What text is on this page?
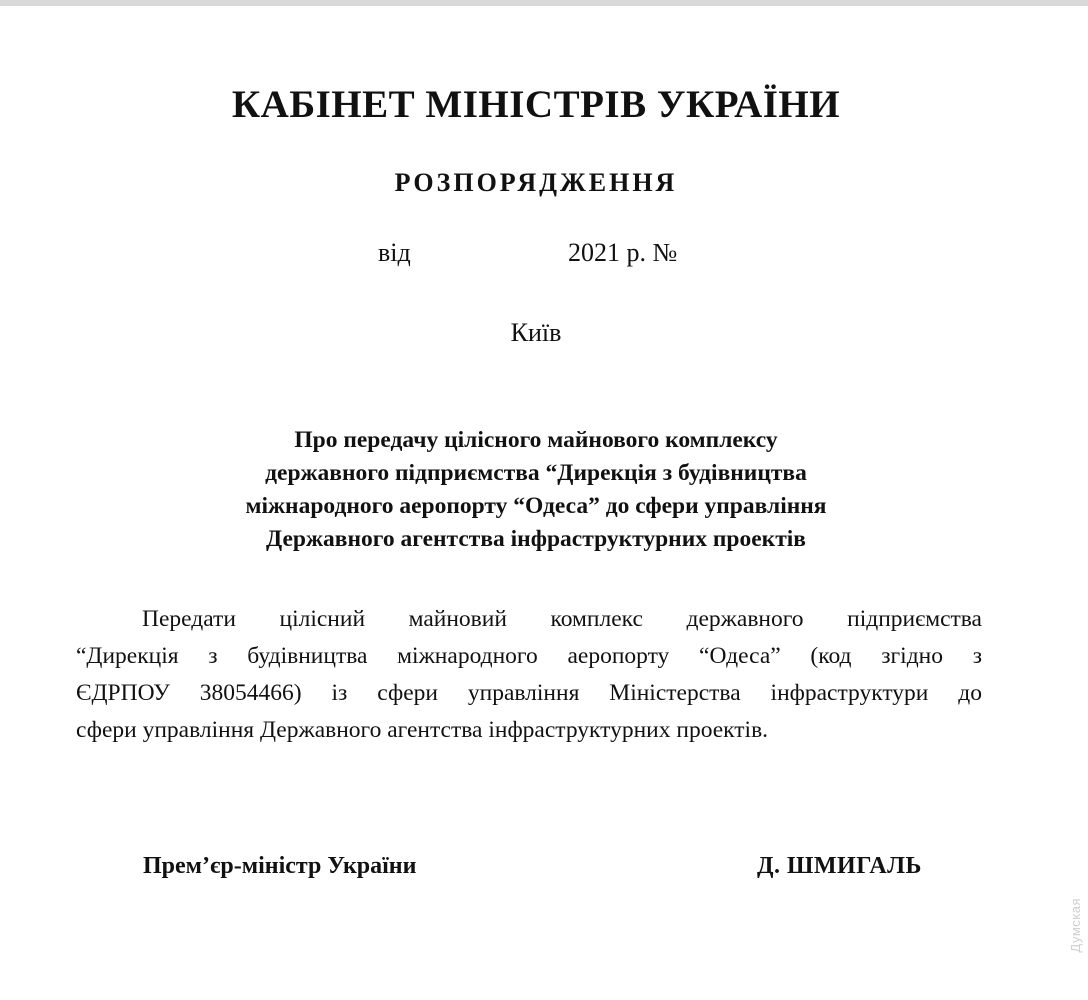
КАБІНЕТ МІНІСТРІВ УКРАЇНИ
РОЗПОРЯДЖЕННЯ
від	2021 р. №
Київ
Про передачу цілісного майнового комплексу
державного підприємства “Дирекція з будівництва
міжнародного аеропорту “Одеса” до сфери управління
Державного агентства інфраструктурних проектів
Передати цілісний майновий комплекс державного підприємства
“Дирекція з будівництва міжнародного аеропорту “Одеса” (код згідно з
ЄДРПОУ 38054466) із сфери управління Міністерства інфраструктури до
сфери управління Державного агентства інфраструктурних проектів.
Прем’єр-міністр України	Д. ШМИГАЛЬ
Думская
